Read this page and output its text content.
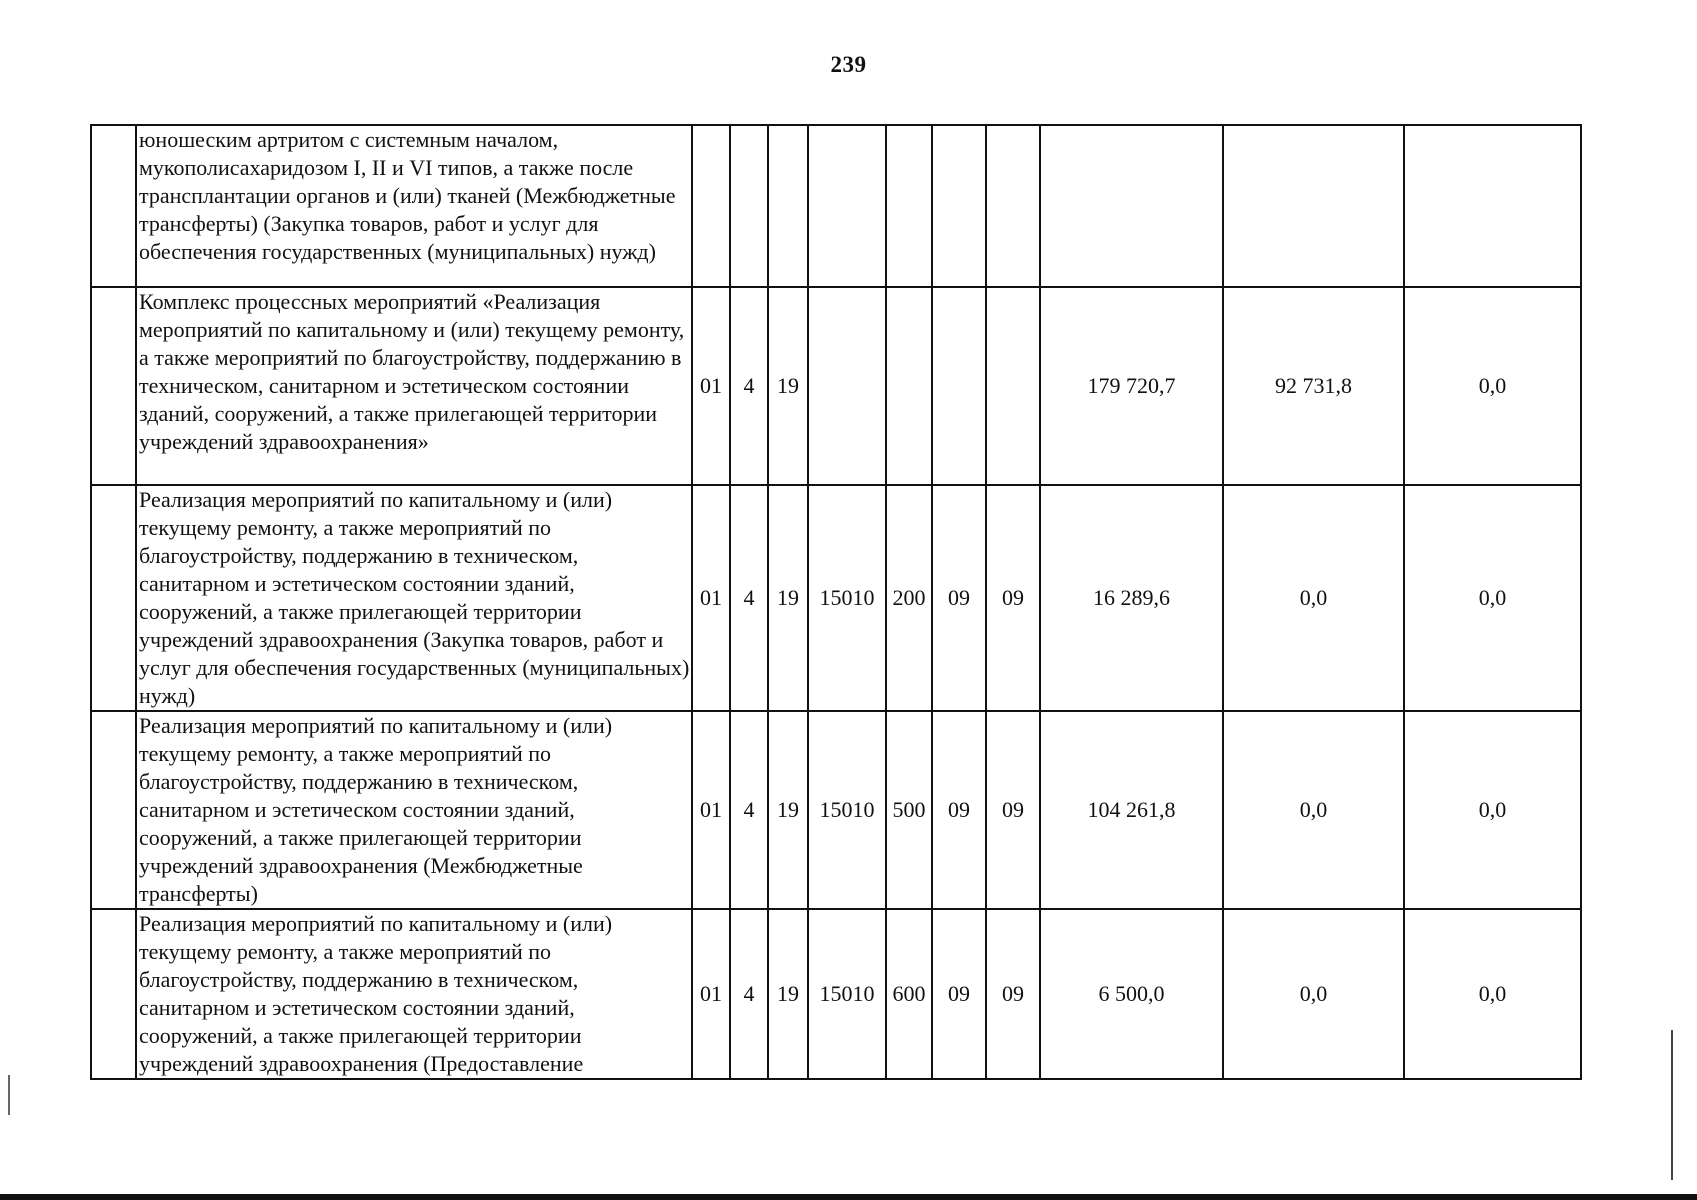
239
	юношеским артритом с системным началом, мукополисахаридозом I, II и VI типов, а также после трансплантации органов и (или) тканей (Межбюджетные трансферты) (Закупка товаров, работ и услуг для обеспечения государственных (муниципальных) нужд)										
	Комплекс процессных мероприятий «Реализация мероприятий по капитальному и (или) текущему ремонту, а также мероприятий по благоустройству, поддержанию в техническом, санитарном и эстетическом состоянии зданий, сооружений, а также прилегающей территории учреждений здравоохранения»	01	4	19					179 720,7	92 731,8	0,0
	Реализация мероприятий по капитальному и (или) текущему ремонту, а также мероприятий по благоустройству, поддержанию в техническом, санитарном и эстетическом состоянии зданий, сооружений, а также прилегающей территории учреждений здравоохранения (Закупка товаров, работ и услуг для обеспечения государственных (муниципальных) нужд)	01	4	19	15010	200	09	09	16 289,6	0,0	0,0
	Реализация мероприятий по капитальному и (или) текущему ремонту, а также мероприятий по благоустройству, поддержанию в техническом, санитарном и эстетическом состоянии зданий, сооружений, а также прилегающей территории учреждений здравоохранения (Межбюджетные трансферты)	01	4	19	15010	500	09	09	104 261,8	0,0	0,0
	Реализация мероприятий по капитальному и (или) текущему ремонту, а также мероприятий по благоустройству, поддержанию в техническом, санитарном и эстетическом состоянии зданий, сооружений, а также прилегающей территории учреждений здравоохранения (Предоставление	01	4	19	15010	600	09	09	6 500,0	0,0	0,0
